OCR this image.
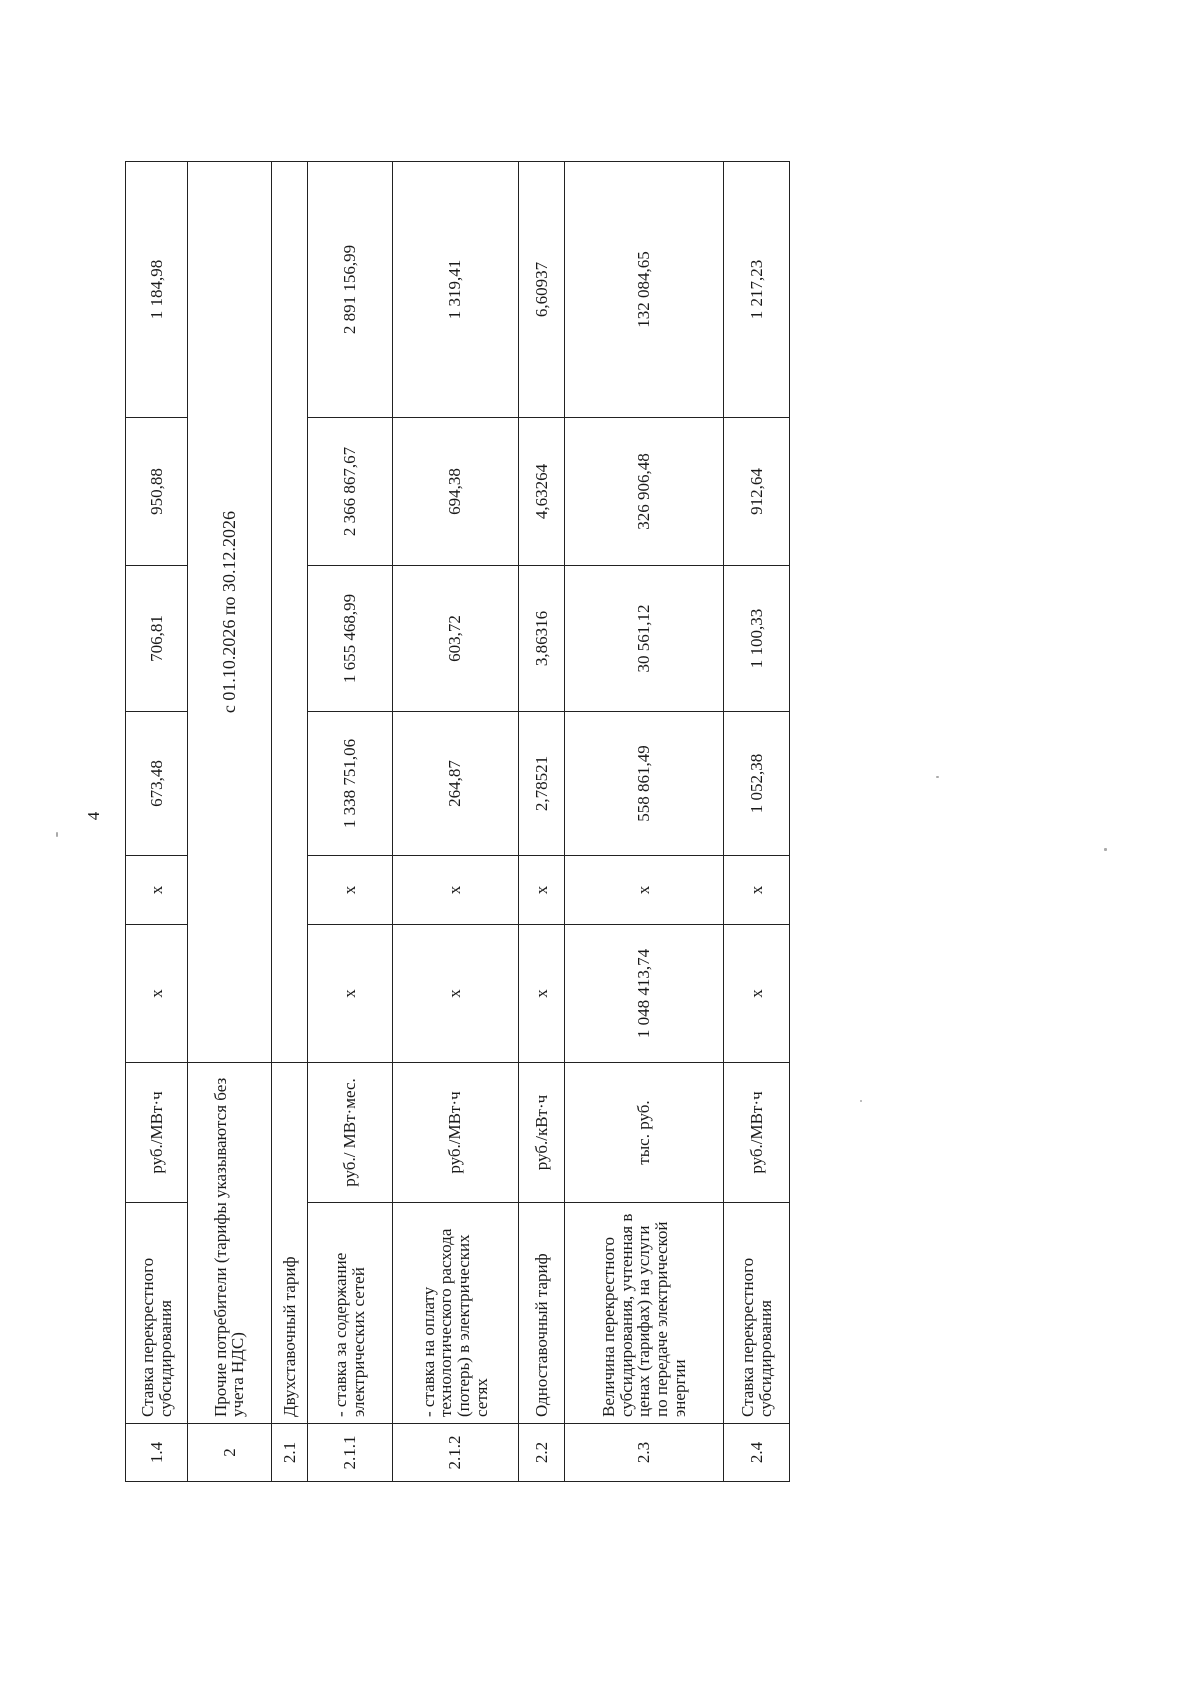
4
1.4	Ставка перекрестного субсидирования	руб./МВт·ч	х	х	673,48	706,81	950,88	1 184,98
2	Прочие потребители (тарифы указываются без учета НДС)		с 01.10.2026 по 30.12.2026					
2.1	Двухставочный тариф							
2.1.1	- ставка за содержание электрических сетей	руб./ МВт·мес.	х	х	1 338 751,06	1 655 468,99	2 366 867,67	2 891 156,99
2.1.2	- ставка на оплату технологического расхода (потерь) в электрических сетях	руб./МВт·ч	х	х	264,87	603,72	694,38	1 319,41
2.2	Одноставочный тариф	руб./кВт·ч	х	х	2,78521	3,86316	4,63264	6,60937
2.3	Величина перекрестного субсидирования, учтенная в ценах (тарифах) на услуги по передаче электрической энергии	тыс. руб.	1 048 413,74	х	558 861,49	30 561,12	326 906,48	132 084,65
2.4	Ставка перекрестного субсидирования	руб./МВт·ч	х	х	1 052,38	1 100,33	912,64	1 217,23
